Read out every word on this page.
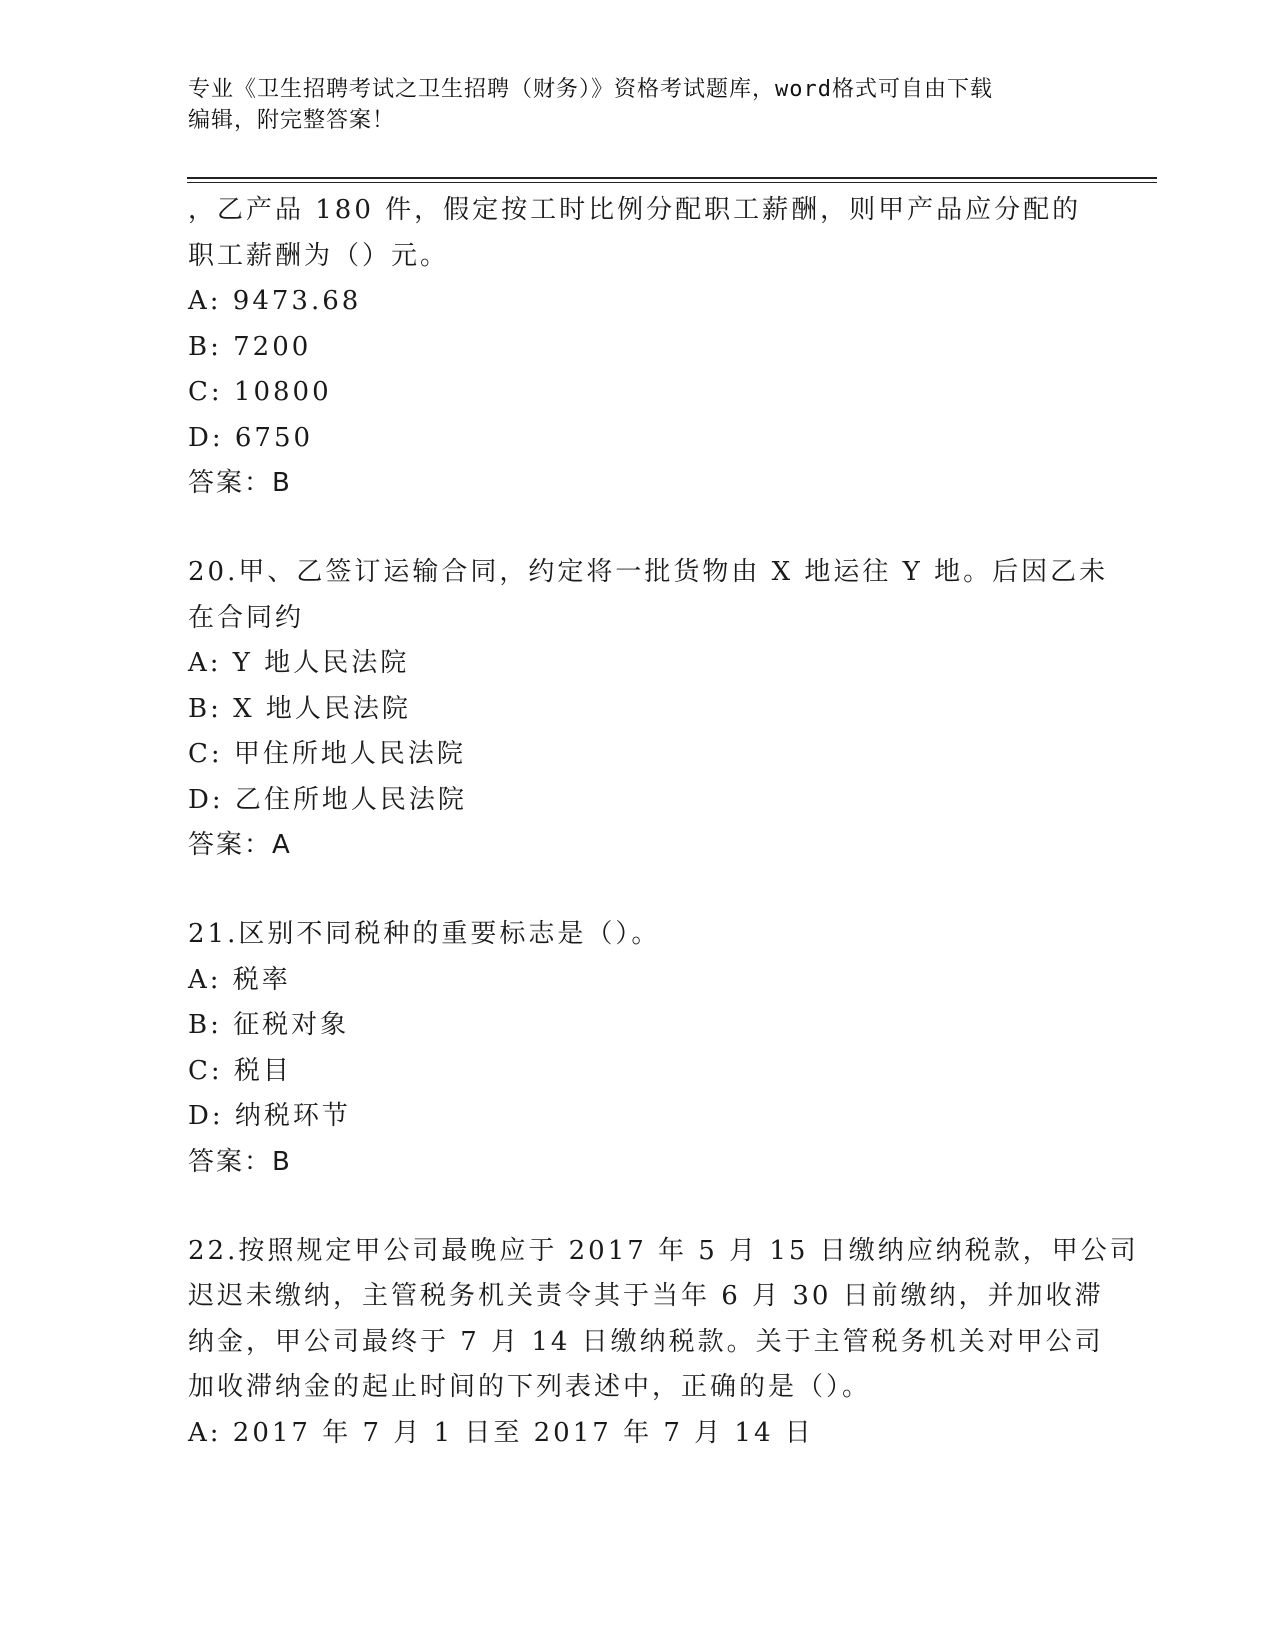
专业《卫生招聘考试之卫生招聘（财务）》资格考试题库，word格式可自由下载
编辑，附完整答案！
，乙产品 180 件，假定按工时比例分配职工薪酬，则甲产品应分配的
职工薪酬为（）元。
A: 9473.68
B: 7200
C: 10800
D: 6750
答案：B
20.甲、乙签订运输合同，约定将一批货物由 X 地运往 Y 地。后因乙未
在合同约
A: Y 地人民法院
B: X 地人民法院
C: 甲住所地人民法院
D: 乙住所地人民法院
答案：A
21.区别不同税种的重要标志是（）。
A: 税率
B: 征税对象
C: 税目
D: 纳税环节
答案：B
22.按照规定甲公司最晚应于 2017 年 5 月 15 日缴纳应纳税款，甲公司
迟迟未缴纳，主管税务机关责令其于当年 6 月 30 日前缴纳，并加收滞
纳金，甲公司最终于 7 月 14 日缴纳税款。关于主管税务机关对甲公司
加收滞纳金的起止时间的下列表述中，正确的是（）。
A: 2017 年 7 月 1 日至 2017 年 7 月 14 日
